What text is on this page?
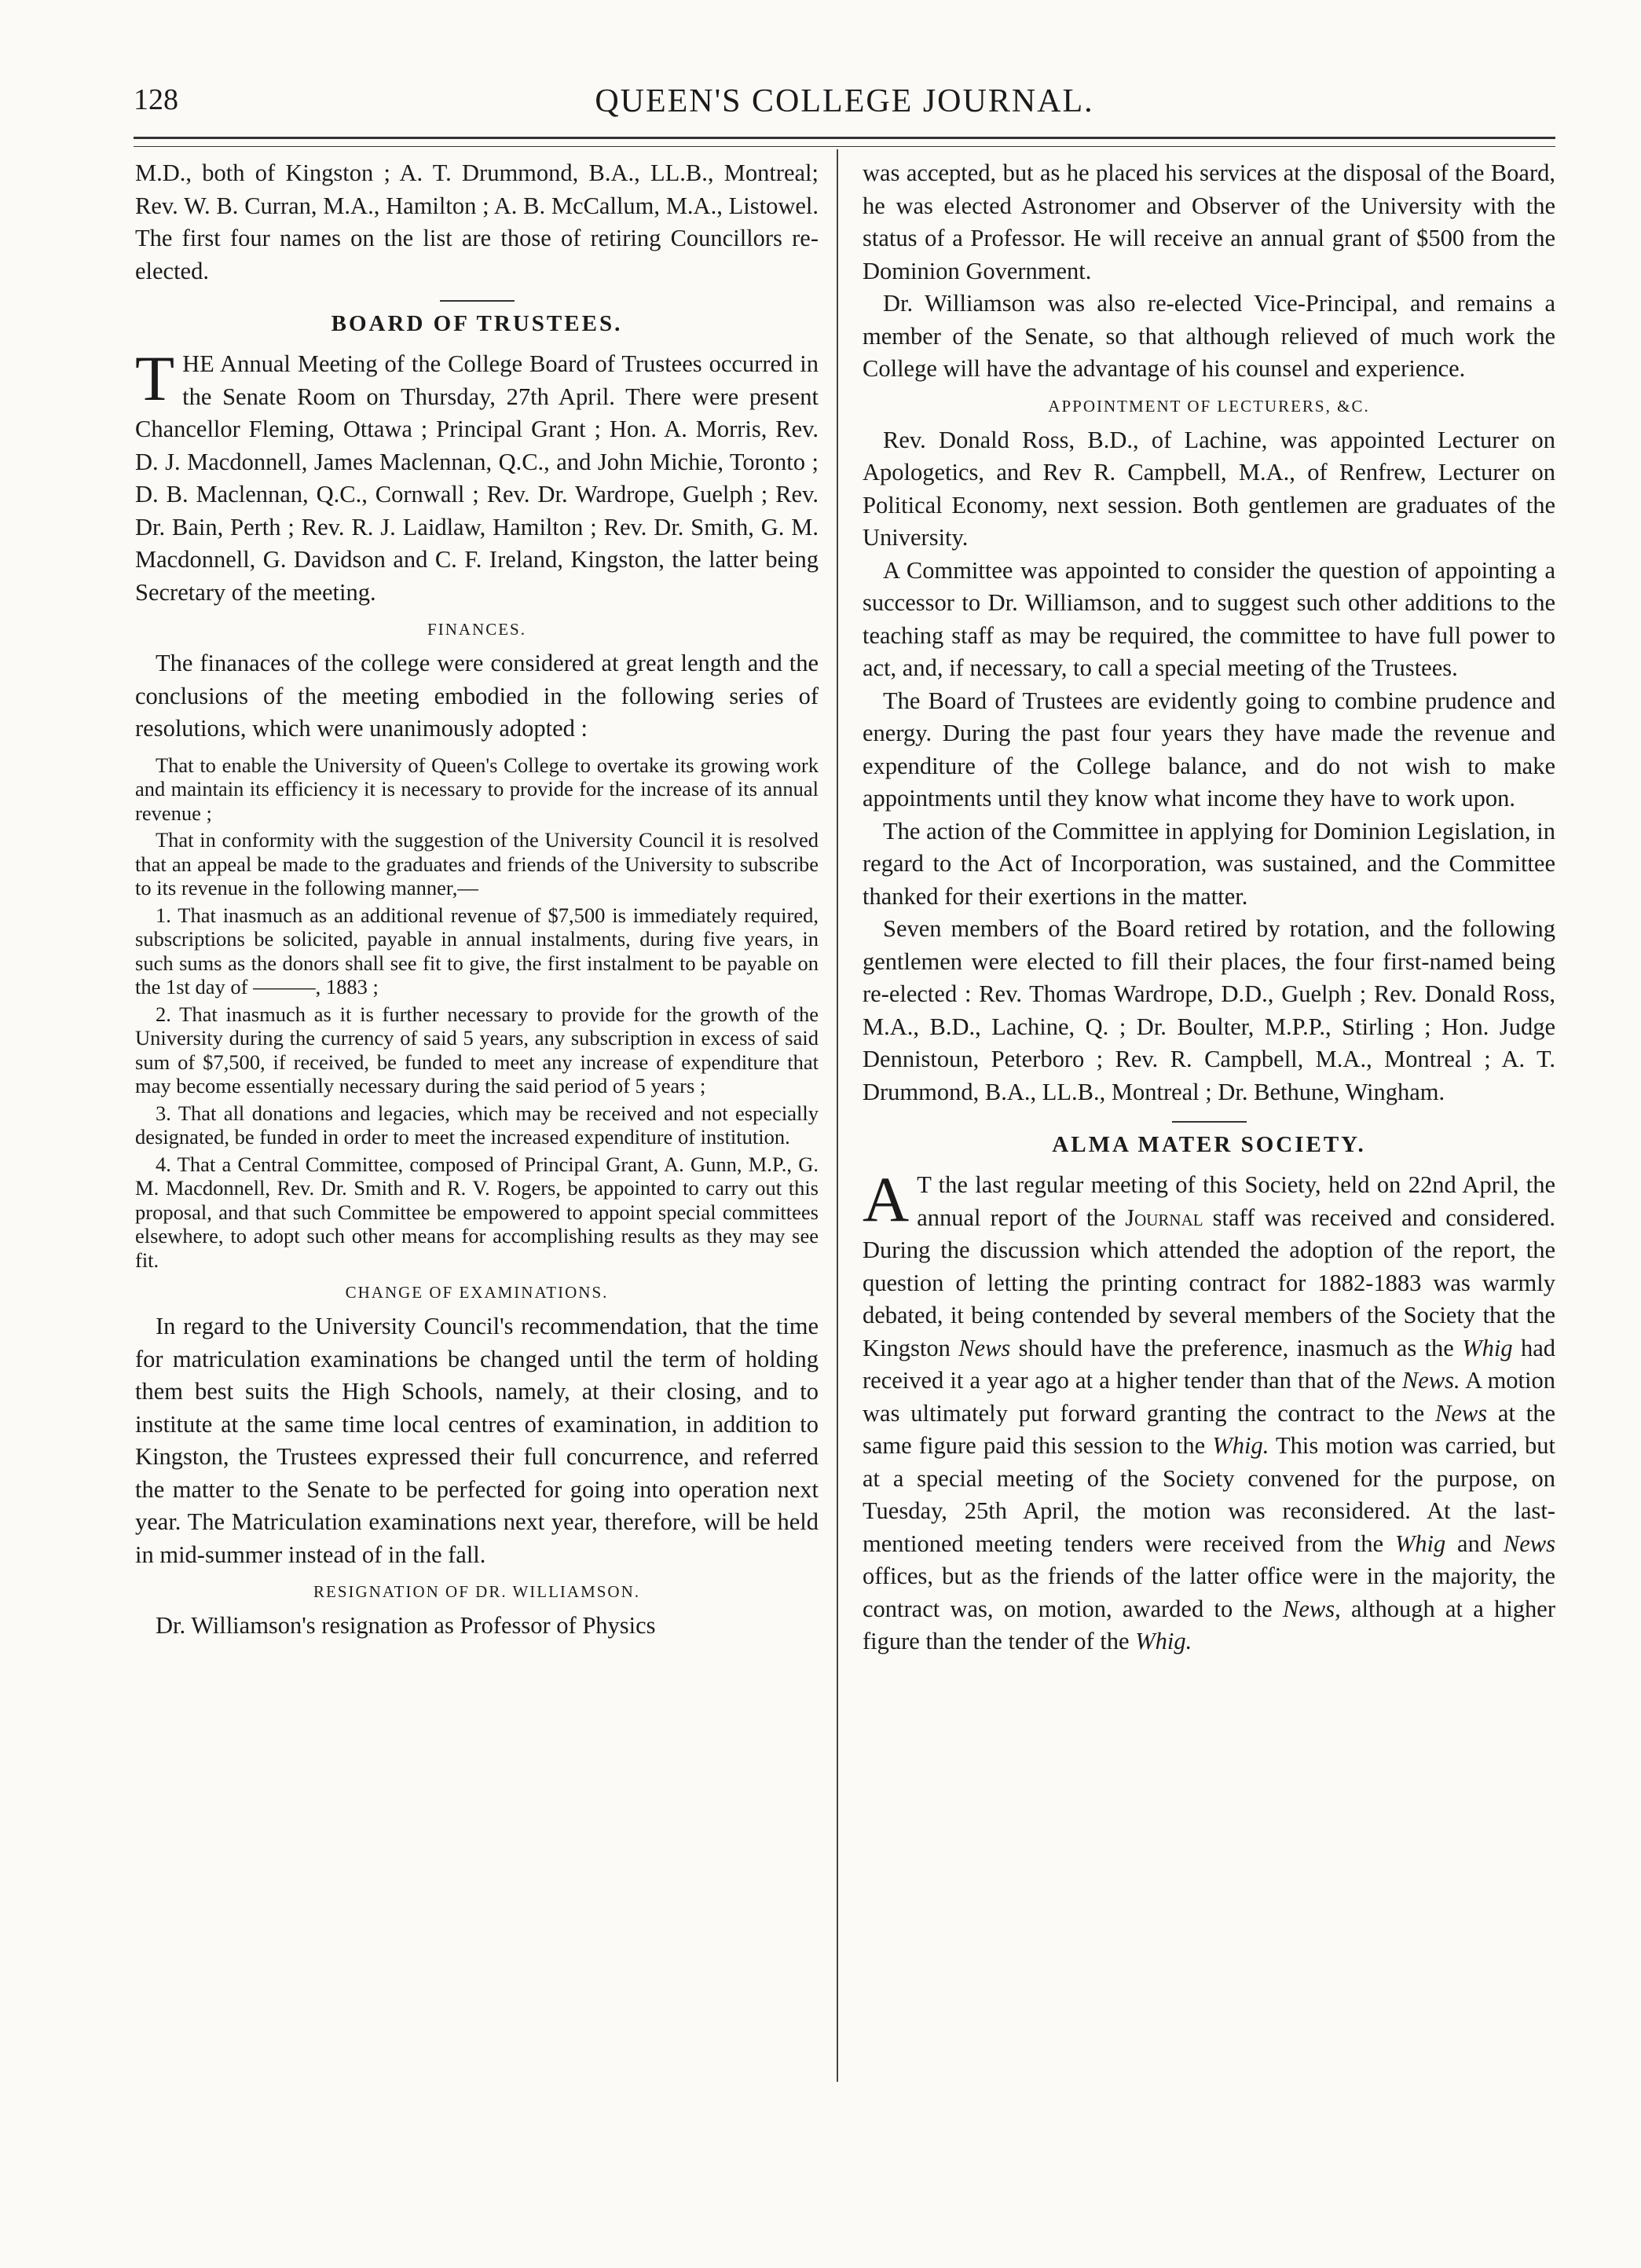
128	QUEEN'S COLLEGE JOURNAL.

M.D., both of Kingston ; A. T. Drummond, B.A., LL.B., Montreal; Rev. W. B. Curran, M.A., Hamilton ; A. B. McCallum, M.A., Listowel. The first four names on the list are those of retiring Councillors re-elected.

BOARD OF TRUSTEES.

THE Annual Meeting of the College Board of Trustees occurred in the Senate Room on Thursday, 27th April. There were present Chancellor Fleming, Ottawa ; Principal Grant ; Hon. A. Morris, Rev. D. J. Macdonnell, James Maclennan, Q.C., and John Michie, Toronto ; D. B. Maclennan, Q.C., Cornwall ; Rev. Dr. Wardrope, Guelph ; Rev. Dr. Bain, Perth ; Rev. R. J. Laidlaw, Hamilton ; Rev. Dr. Smith, G. M. Macdonnell, G. Davidson and C. F. Ireland, Kingston, the latter being Secretary of the meeting.

FINANCES.

The finanaces of the college were considered at great length and the conclusions of the meeting embodied in the following series of resolutions, which were unanimously adopted :

That to enable the University of Queen's College to overtake its growing work and maintain its efficiency it is necessary to provide for the increase of its annual revenue ;

That in conformity with the suggestion of the University Council it is resolved that an appeal be made to the graduates and friends of the University to subscribe to its revenue in the following manner,—

1. That inasmuch as an additional revenue of $7,500 is immediately required, subscriptions be solicited, payable in annual instalments, during five years, in such sums as the donors shall see fit to give, the first instalment to be payable on the 1st day of ———, 1883 ;

2. That inasmuch as it is further necessary to provide for the growth of the University during the currency of said 5 years, any subscription in excess of said sum of $7,500, if received, be funded to meet any increase of expenditure that may become essentially necessary during the said period of 5 years ;

3. That all donations and legacies, which may be received and not especially designated, be funded in order to meet the increased expenditure of institution.

4. That a Central Committee, composed of Principal Grant, A. Gunn, M.P., G. M. Macdonnell, Rev. Dr. Smith and R. V. Rogers, be appointed to carry out this proposal, and that such Committee be empowered to appoint special committees elsewhere, to adopt such other means for accomplishing results as they may see fit.

CHANGE OF EXAMINATIONS.

In regard to the University Council's recommendation, that the time for matriculation examinations be changed until the term of holding them best suits the High Schools, namely, at their closing, and to institute at the same time local centres of examination, in addition to Kingston, the Trustees expressed their full concurrence, and referred the matter to the Senate to be perfected for going into operation next year. The Matriculation examinations next year, therefore, will be held in mid-summer instead of in the fall.

RESIGNATION OF DR. WILLIAMSON.

Dr. Williamson's resignation as Professor of Physics

was accepted, but as he placed his services at the disposal of the Board, he was elected Astronomer and Observer of the University with the status of a Professor. He will receive an annual grant of $500 from the Dominion Government.

Dr. Williamson was also re-elected Vice-Principal, and remains a member of the Senate, so that although relieved of much work the College will have the advantage of his counsel and experience.

APPOINTMENT OF LECTURERS, &C.

Rev. Donald Ross, B.D., of Lachine, was appointed Lecturer on Apologetics, and Rev R. Campbell, M.A., of Renfrew, Lecturer on Political Economy, next session. Both gentlemen are graduates of the University.

A Committee was appointed to consider the question of appointing a successor to Dr. Williamson, and to suggest such other additions to the teaching staff as may be required, the committee to have full power to act, and, if necessary, to call a special meeting of the Trustees.

The Board of Trustees are evidently going to combine prudence and energy. During the past four years they have made the revenue and expenditure of the College balance, and do not wish to make appointments until they know what income they have to work upon.

The action of the Committee in applying for Dominion Legislation, in regard to the Act of Incorporation, was sustained, and the Committee thanked for their exertions in the matter.

Seven members of the Board retired by rotation, and the following gentlemen were elected to fill their places, the four first-named being re-elected : Rev. Thomas Wardrope, D.D., Guelph ; Rev. Donald Ross, M.A., B.D., Lachine, Q. ; Dr. Boulter, M.P.P., Stirling ; Hon. Judge Dennistoun, Peterboro ; Rev. R. Campbell, M.A., Montreal ; A. T. Drummond, B.A., LL.B., Montreal ; Dr. Bethune, Wingham.

ALMA MATER SOCIETY.

A T the last regular meeting of this Society, held on 22nd April, the annual report of the Journal staff was received and considered. During the discussion which attended the adoption of the report, the question of letting the printing contract for 1882-1883 was warmly debated, it being contended by several members of the Society that the Kingston News should have the preference, inasmuch as the Whig had received it a year ago at a higher tender than that of the News. A motion was ultimately put forward granting the contract to the News at the same figure paid this session to the Whig. This motion was carried, but at a special meeting of the Society convened for the purpose, on Tuesday, 25th April, the motion was reconsidered. At the last-mentioned meeting tenders were received from the Whig and News offices, but as the friends of the latter office were in the majority, the contract was, on motion, awarded to the News, although at a higher figure than the tender of the Whig.
